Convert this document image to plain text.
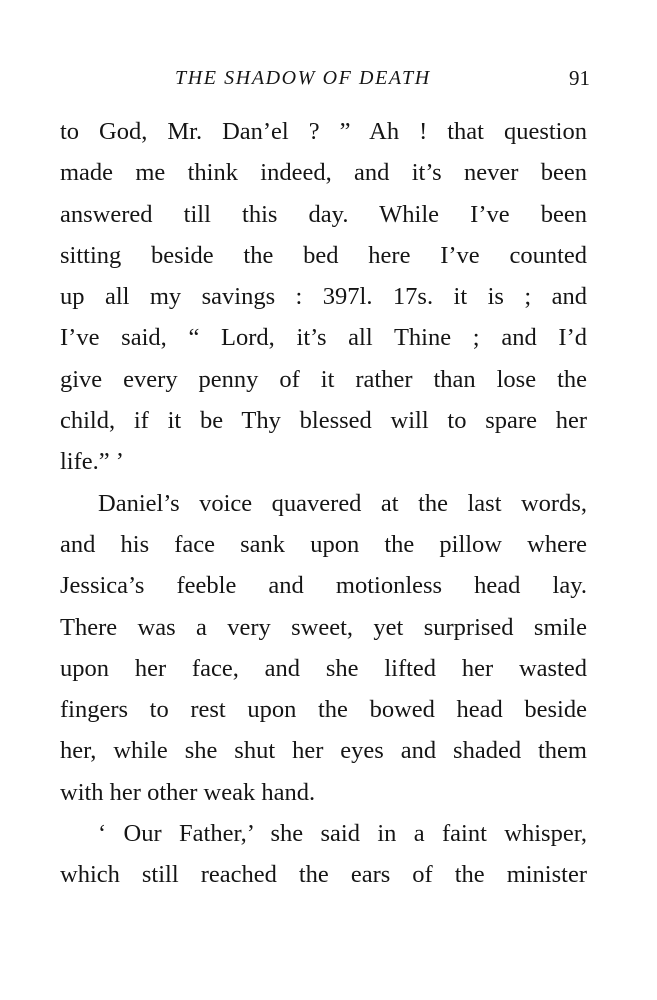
THE SHADOW OF DEATH	91

to God, Mr. Dan’el ? ” Ah ! that question
made me think indeed, and it’s never been
answered till this day. While I’ve been
sitting beside the bed here I’ve counted
up all my savings : 397l. 17s. it is ; and
I’ve said, “ Lord, it’s all Thine ; and I’d
give every penny of it rather than lose the
child, if it be Thy blessed will to spare her
life.” ’

Daniel’s voice quavered at the last words,
and his face sank upon the pillow where
Jessica’s feeble and motionless head lay.
There was a very sweet, yet surprised smile
upon her face, and she lifted her wasted
fingers to rest upon the bowed head beside
her, while she shut her eyes and shaded them
with her other weak hand.

‘ Our Father,’ she said in a faint whisper,
which still reached the ears of the minister
